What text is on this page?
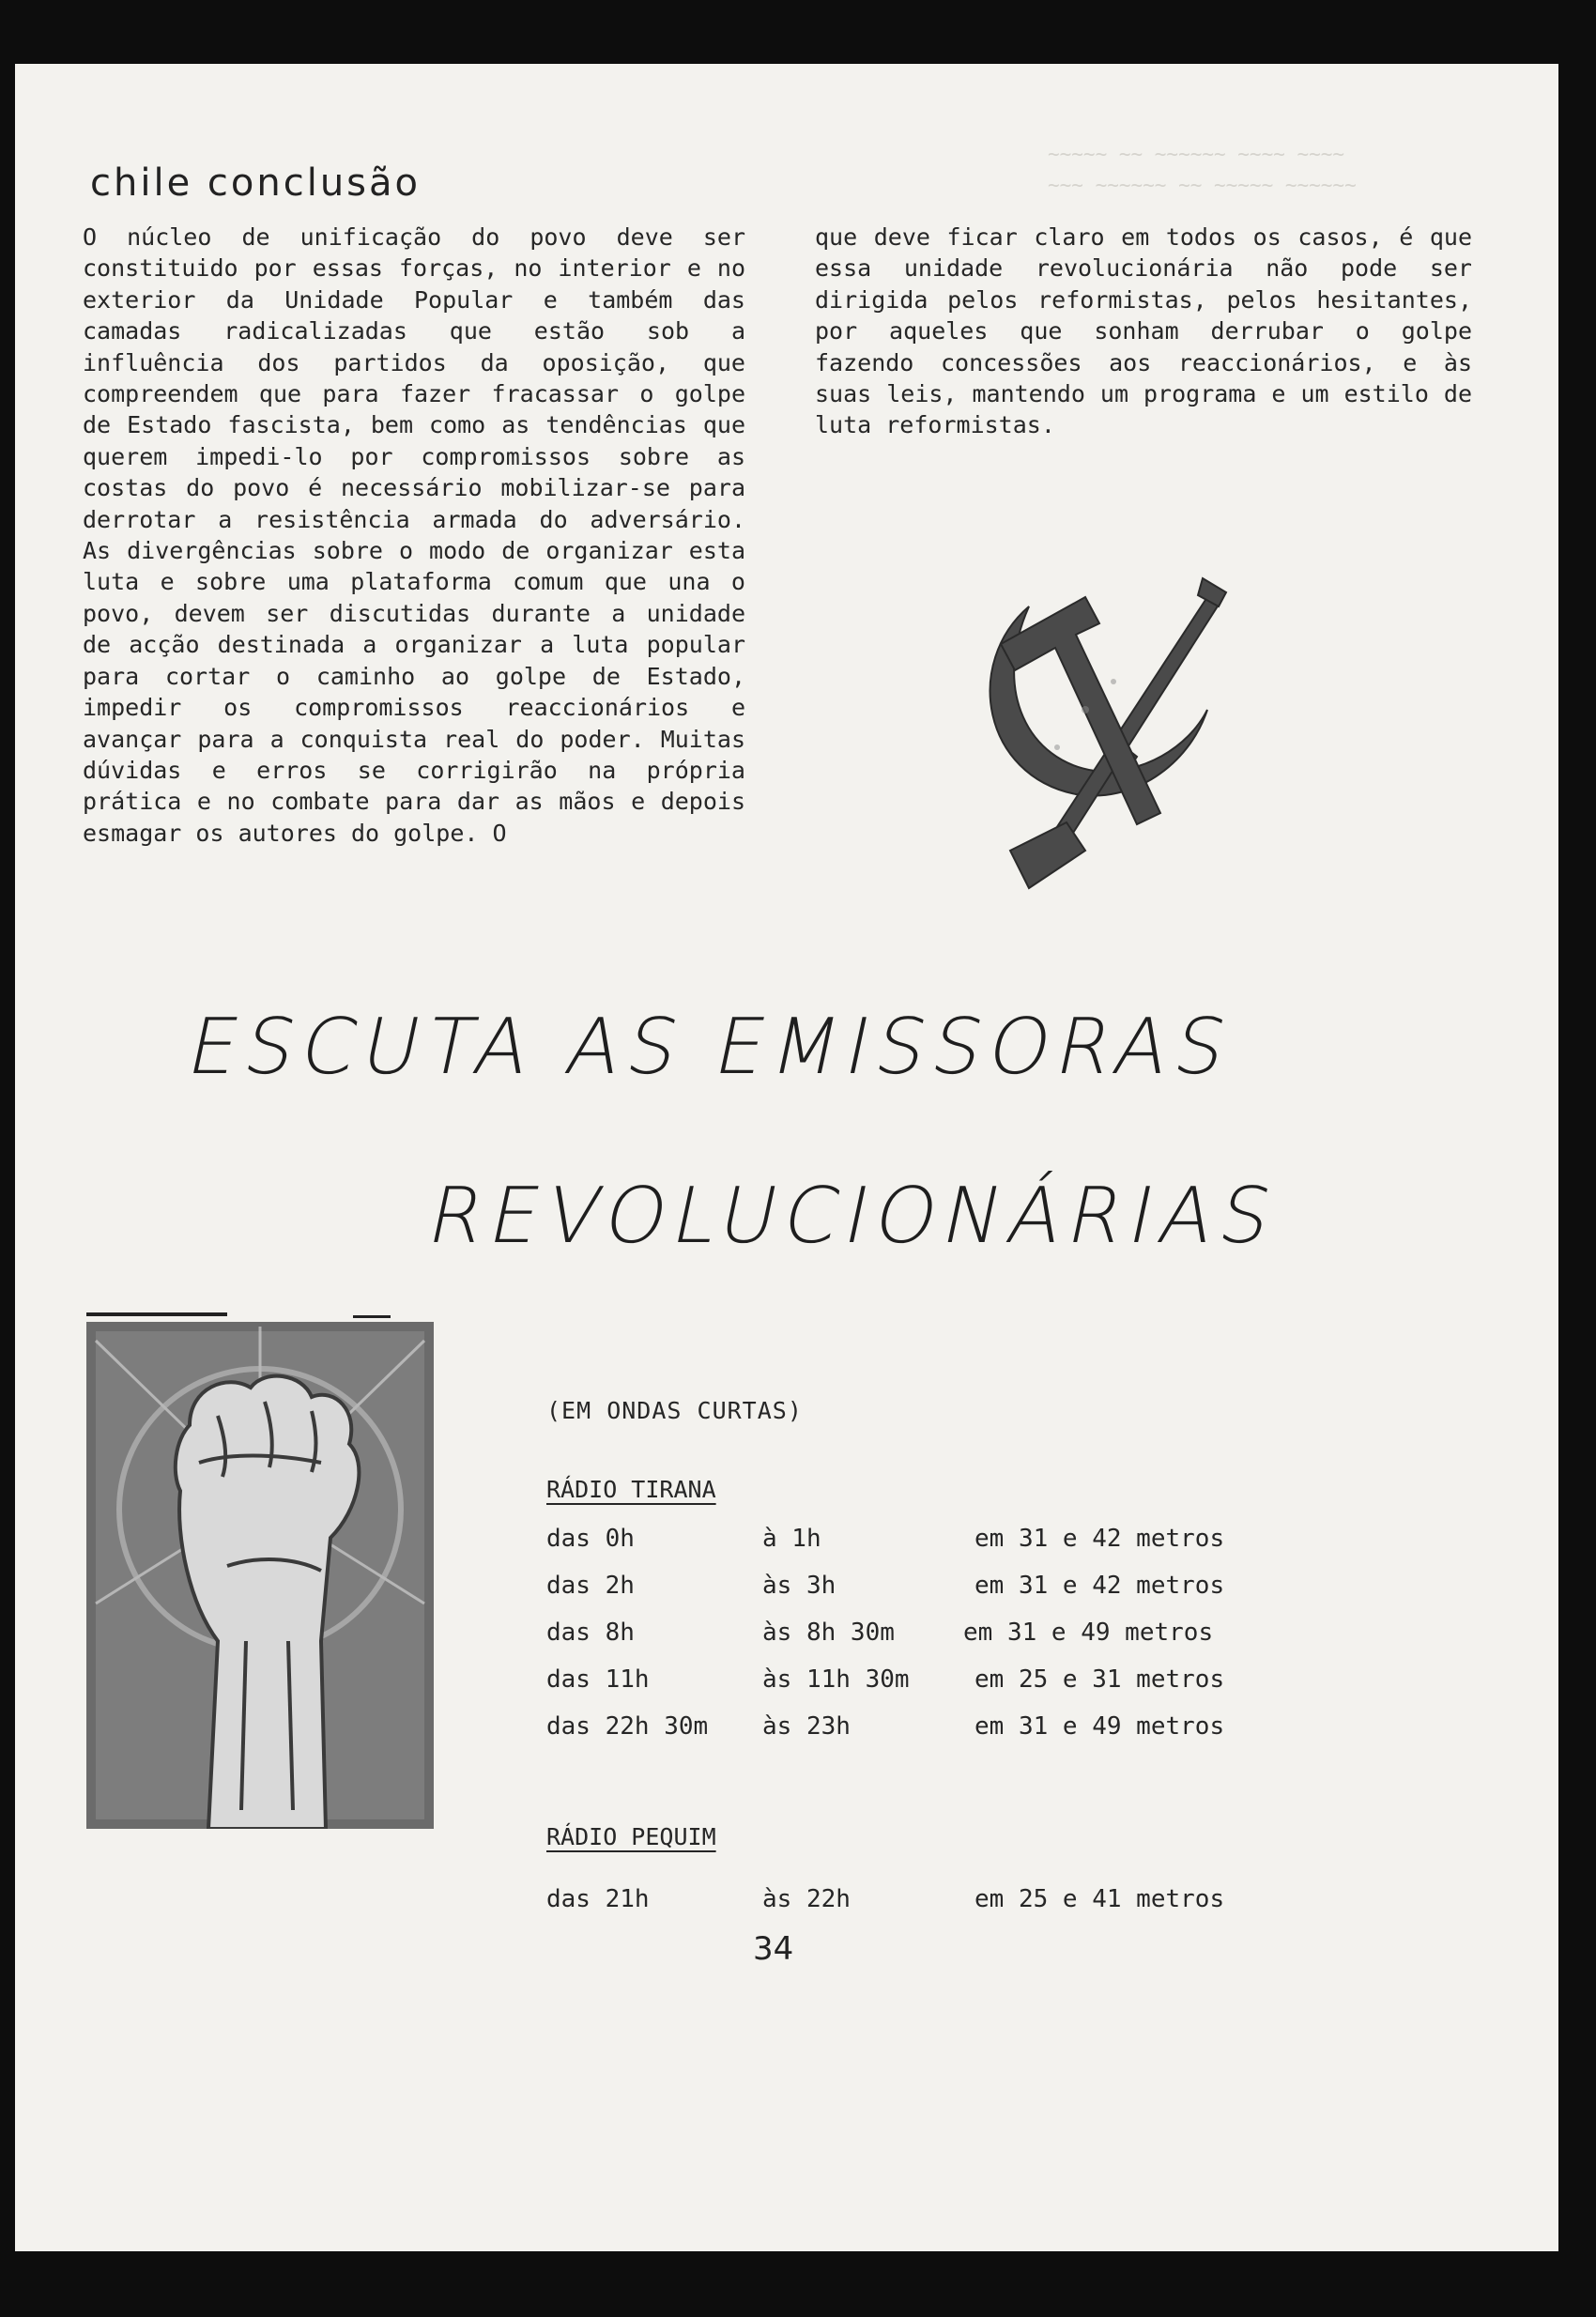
~~~~~ ~~ ~~~~~~ ~~~~ ~~~~
~~~ ~~~~~~ ~~ ~~~~~ ~~~~~~

chile conclusão

O núcleo de unificação do povo deve ser constituido por essas forças, no interior e no exterior da Unidade Popular e também das camadas radicalizadas que estão sob a influência dos partidos da oposição, que compreendem que para fazer fracassar o golpe de Estado fascista, bem como as tendências que querem impedi-lo por compromissos sobre as costas do povo é necessário mobilizar-se para derrotar a resistência armada do adversário. As divergências sobre o modo de organizar esta luta e sobre uma plataforma comum que una o povo, devem ser discutidas durante a unidade de acção destinada a organizar a luta popular para cortar o caminho ao golpe de Estado, impedir os compromissos reaccionários e avançar para a conquista real do poder. Muitas dúvidas e erros se corrigirão na própria prática e no combate para dar as mãos e depois esmagar os autores do golpe. O

que deve ficar claro em todos os casos, é que essa unidade revolucionária não pode ser dirigida pelos reformistas, pelos hesitantes, por aqueles que sonham derrubar o golpe fazendo concessões aos reaccionários, e às suas leis, mantendo um programa e um estilo de luta reformistas.

ESCUTA AS EMISSORAS
REVOLUCIONÁRIAS
(EM ONDAS CURTAS)
RÁDIO TIRANA
das 0h	à 1h	em 31 e 42 metros
das 2h	às 3h	em 31 e 42 metros
das 8h	às 8h 30m	em 31 e 49 metros
das 11h	às 11h 30m	em 25 e 31 metros
das 22h 30m às 23h	em 31 e 49 metros
RÁDIO PEQUIM
das 21h	às 22h	em 25 e 41 metros
34
